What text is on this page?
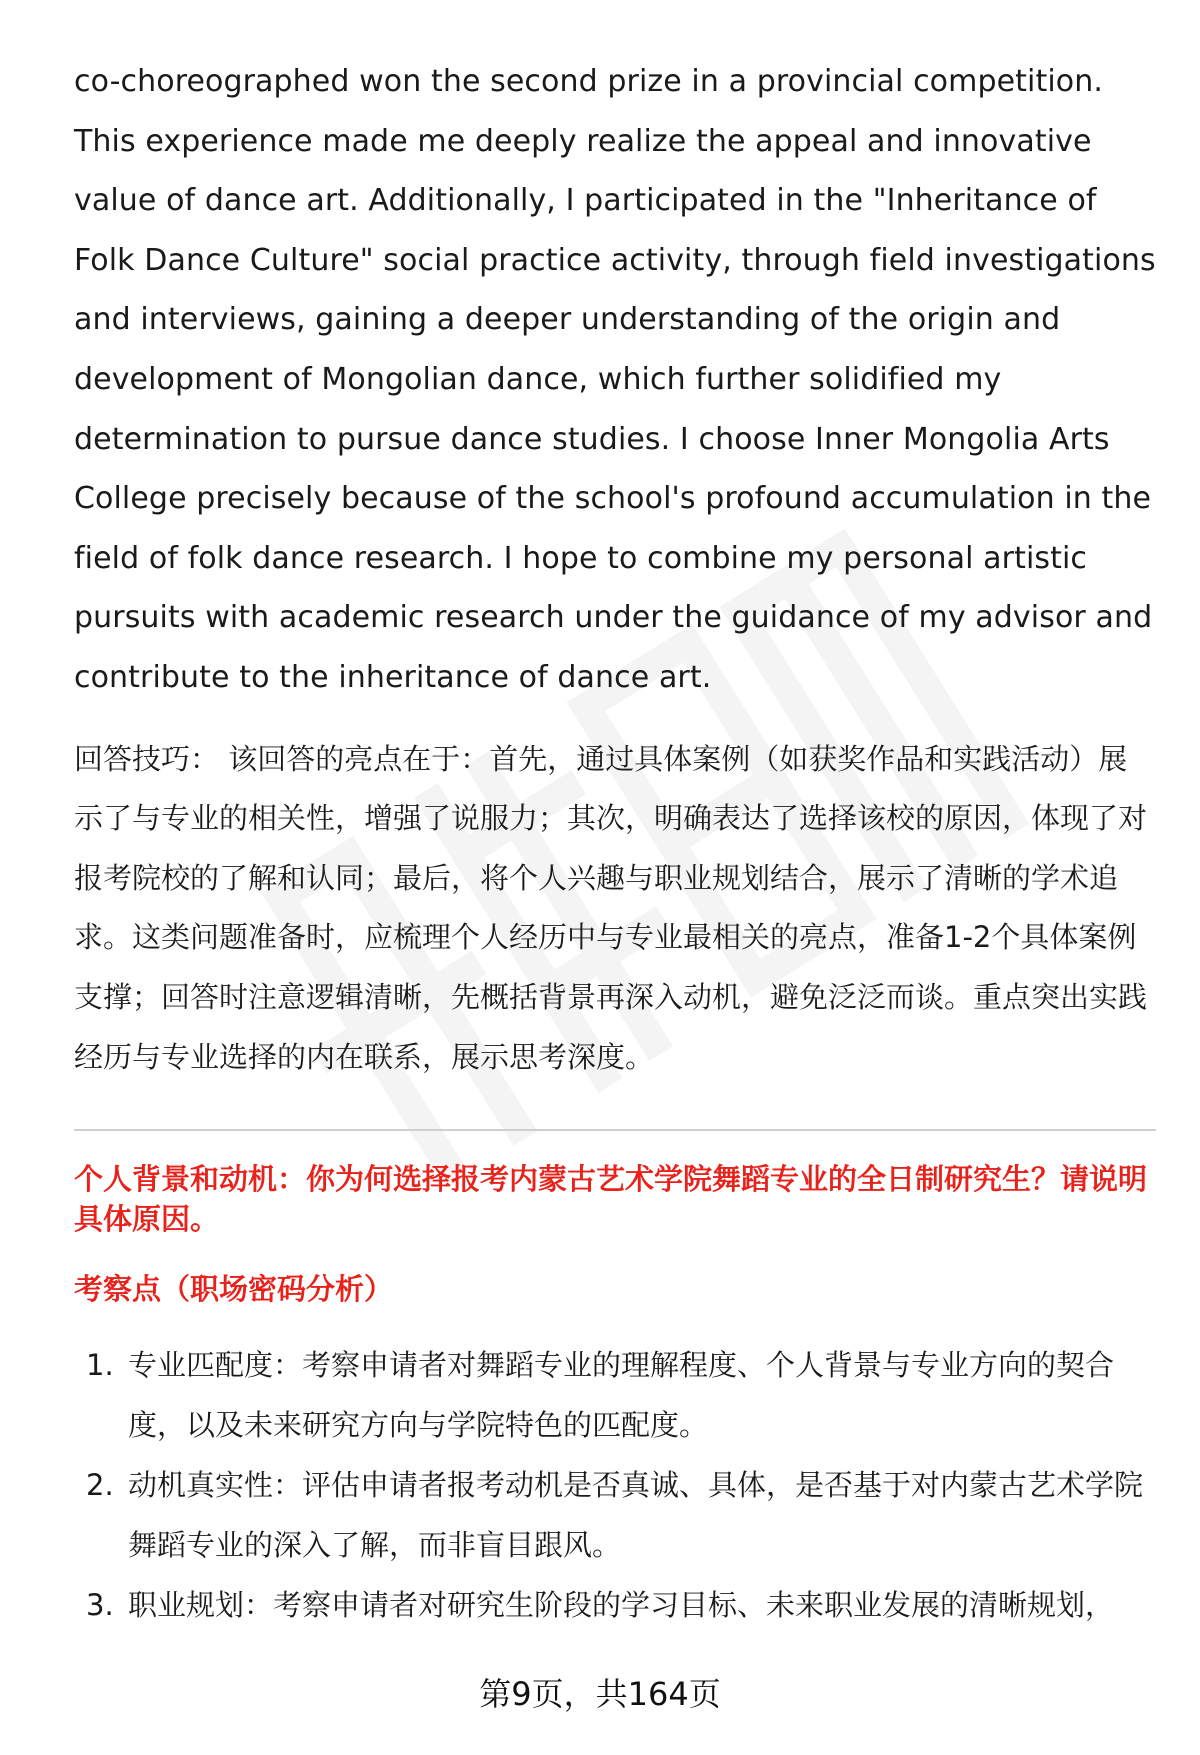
co-choreographed won the second prize in a provincial competition. This experience made me deeply realize the appeal and innovative value of dance art. Additionally, I participated in the "Inheritance of Folk Dance Culture" social practice activity, through field investigations and interviews, gaining a deeper understanding of the origin and development of Mongolian dance, which further solidified my determination to pursue dance studies. I choose Inner Mongolia Arts College precisely because of the school's profound accumulation in the field of folk dance research. I hope to combine my personal artistic pursuits with academic research under the guidance of my advisor and contribute to the inheritance of dance art.

回答技巧： 该回答的亮点在于：首先，通过具体案例（如获奖作品和实践活动）展示了与专业的相关性，增强了说服力；其次，明确表达了选择该校的原因，体现了对报考院校的了解和认同；最后，将个人兴趣与职业规划结合，展示了清晰的学术追求。这类问题准备时，应梳理个人经历中与专业最相关的亮点，准备1-2个具体案例支撑；回答时注意逻辑清晰，先概括背景再深入动机，避免泛泛而谈。重点突出实践经历与专业选择的内在联系，展示思考深度。

个人背景和动机：你为何选择报考内蒙古艺术学院舞蹈专业的全日制研究生？请说明具体原因。
考察点（职场密码分析）
1. 专业匹配度：考察申请者对舞蹈专业的理解程度、个人背景与专业方向的契合度，以及未来研究方向与学院特色的匹配度。
2. 动机真实性：评估申请者报考动机是否真诚、具体，是否基于对内蒙古艺术学院舞蹈专业的深入了解，而非盲目跟风。
3. 职业规划：考察申请者对研究生阶段的学习目标、未来职业发展的清晰规划，
第9页，共164页
